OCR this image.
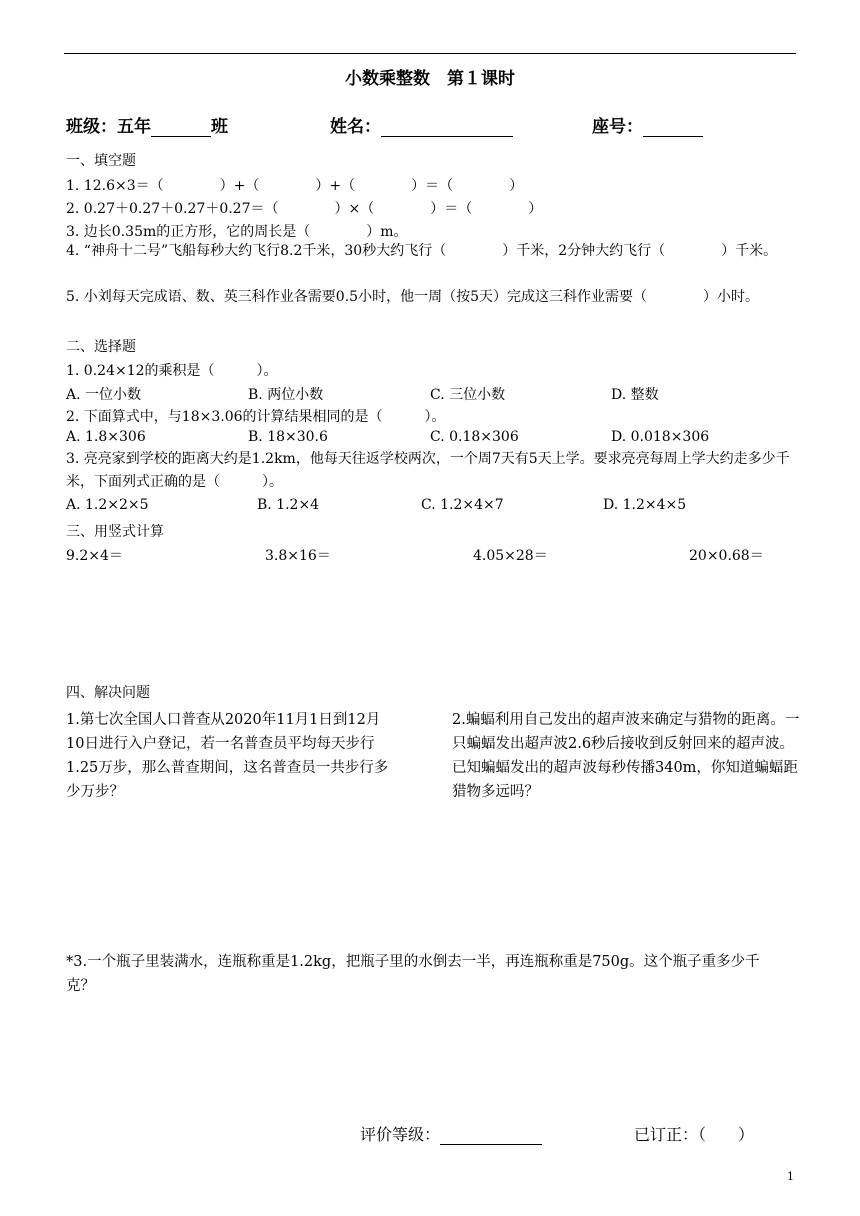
小数乘整数　第１课时
班级：五年	班	姓名：	座号：
一、填空题
1. 12.6×3＝（　　　　）+（　　　　）+（　　　　）＝（　　　　）
2. 0.27＋0.27＋0.27＋0.27＝（　　　　）×（　　　　）＝（　　　　）
3. 边长0.35m的正方形，它的周长是（　　　　）m。
4. “神舟十二号”飞船每秒大约飞行8.2千米，30秒大约飞行（　　　　）千米，2分钟大约飞行（　　　　）千米。
5. 小刘每天完成语、数、英三科作业各需要0.5小时，他一周（按5天）完成这三科作业需要（　　　　）小时。
二、选择题
1. 0.24×12的乘积是（　　　）。
A. 一位小数	B. 两位小数	C. 三位小数	D. 整数
2. 下面算式中，与18×3.06的计算结果相同的是（　　　）。
A. 1.8×306	B. 18×30.6	C. 0.18×306	D. 0.018×306
3. 亮亮家到学校的距离大约是1.2km，他每天往返学校两次，一个周7天有5天上学。要求亮亮每周上学大约走多少千米，下面列式正确的是（　　　）。
A. 1.2×2×5	B. 1.2×4	C. 1.2×4×7	D. 1.2×4×5
三、用竖式计算
9.2×4＝	3.8×16＝	4.05×28＝	20×0.68＝
四、解决问题
1.第七次全国人口普查从2020年11月1日到12月10日进行入户登记，若一名普查员平均每天步行1.25万步，那么普查期间，这名普查员一共步行多少万步？
2.蝙蝠利用自己发出的超声波来确定与猎物的距离。一只蝙蝠发出超声波2.6秒后接收到反射回来的超声波。已知蝙蝠发出的超声波每秒传播340m，你知道蝙蝠距猎物多远吗？
*3.一个瓶子里装满水，连瓶称重是1.2kg，把瓶子里的水倒去一半，再连瓶称重是750g。这个瓶子重多少千克？
评价等级：	已订正：（　　）
1
